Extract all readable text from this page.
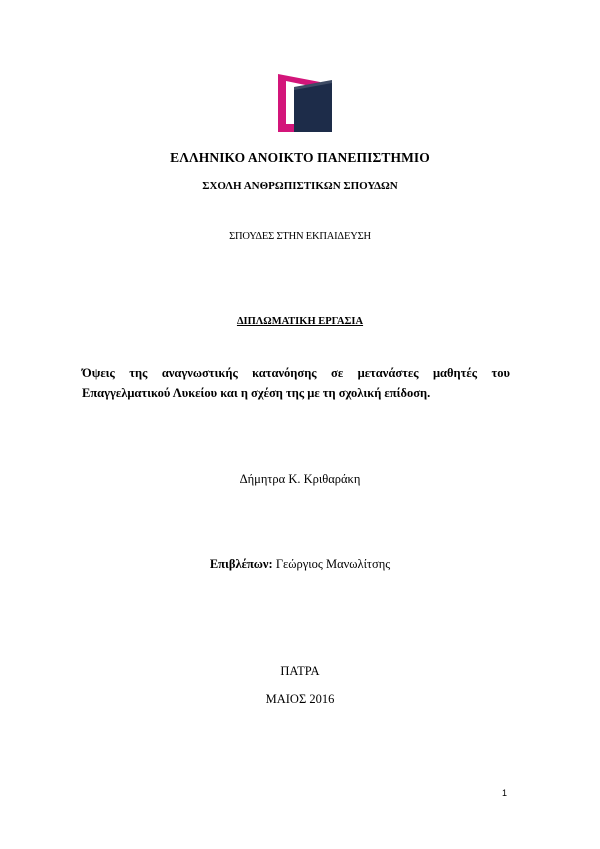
ΕΛΛΗΝΙΚΟ ΑΝΟΙΚΤΟ ΠΑΝΕΠΙΣΤΗΜΙΟ
ΣΧΟΛΗ ΑΝΘΡΩΠΙΣΤΙΚΩΝ ΣΠΟΥΔΩΝ
ΣΠΟΥΔΕΣ ΣΤΗΝ ΕΚΠΑΙΔΕΥΣΗ
ΔΙΠΛΩΜΑΤΙΚΗ ΕΡΓΑΣΙΑ
Όψεις της αναγνωστικής κατανόησης σε μετανάστες μαθητές του Επαγγελματικού Λυκείου και η σχέση της με τη σχολική επίδοση.
Δήμητρα Κ. Κριθαράκη
Επιβλέπων: Γεώργιος Μανωλίτσης
ΠΑΤΡΑ
ΜΑΙΟΣ 2016
1
